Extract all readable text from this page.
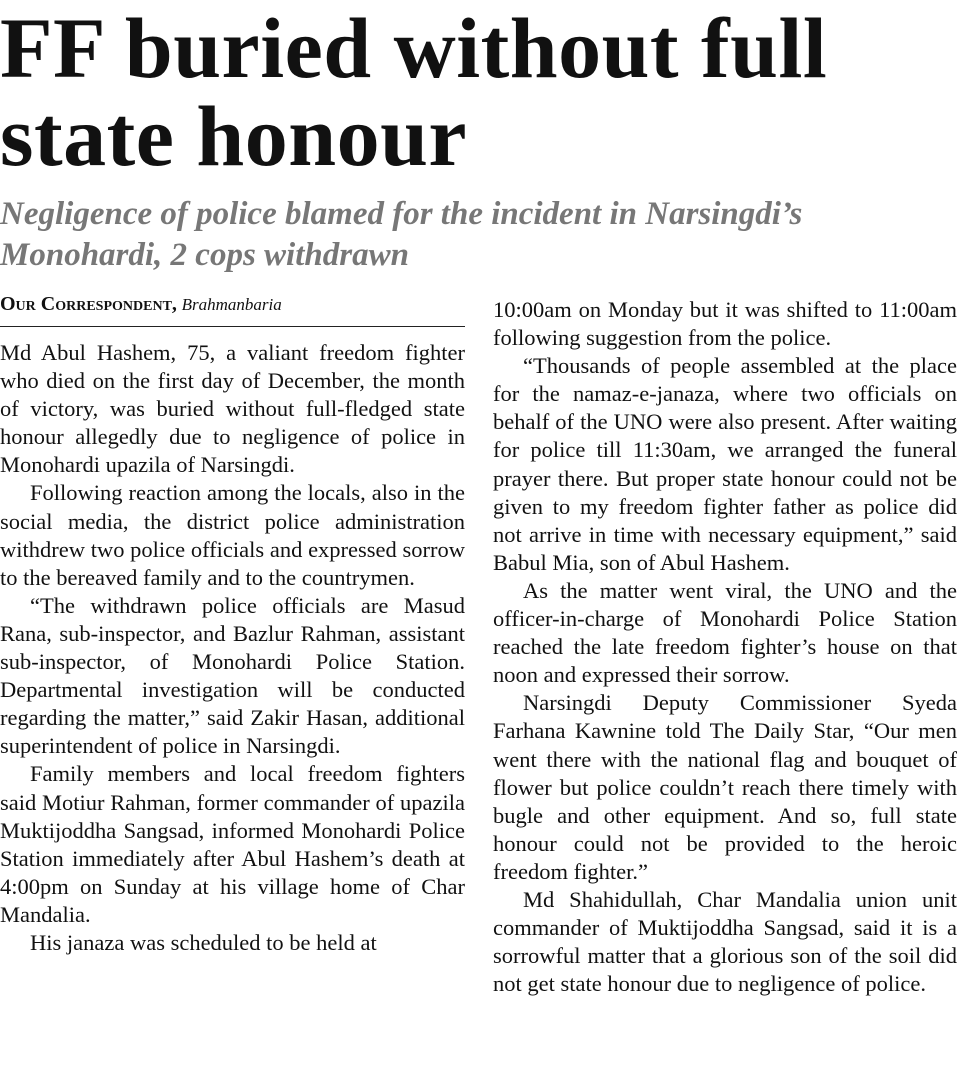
FF buried without full
state honour
Negligence of police blamed for the incident in Narsingdi’s
Monohardi, 2 cops withdrawn
Our Correspondent, Brahmanbaria

Md Abul Hashem, 75, a valiant freedom fighter who died on the first day of December, the month of victory, was buried without full-fledged state honour allegedly due to negligence of police in Monohardi upazila of Narsingdi.

Following reaction among the locals, also in the social media, the district police administration withdrew two police officials and expressed sorrow to the bereaved family and to the countrymen.

“The withdrawn police officials are Masud Rana, sub-inspector, and Bazlur Rahman, assistant sub-inspector, of Monohardi Police Station. Departmental investigation will be conducted regarding the matter,” said Zakir Hasan, additional superintendent of police in Narsingdi.

Family members and local freedom fighters said Motiur Rahman, former commander of upazila Muktijoddha Sangsad, informed Monohardi Police Station immediately after Abul Hashem’s death at 4:00pm on Sunday at his village home of Char Mandalia.

His janaza was scheduled to be held at

10:00am on Monday but it was shifted to 11:00am following suggestion from the police.

“Thousands of people assembled at the place for the namaz-e-janaza, where two officials on behalf of the UNO were also present. After waiting for police till 11:30am, we arranged the funeral prayer there. But proper state honour could not be given to my freedom fighter father as police did not arrive in time with necessary equipment,” said Babul Mia, son of Abul Hashem.

As the matter went viral, the UNO and the officer-in-charge of Monohardi Police Station reached the late freedom fighter’s house on that noon and expressed their sorrow.

Narsingdi Deputy Commissioner Syeda Farhana Kawnine told The Daily Star, “Our men went there with the national flag and bouquet of flower but police couldn’t reach there timely with bugle and other equipment. And so, full state honour could not be provided to the heroic freedom fighter.”

Md Shahidullah, Char Mandalia union unit commander of Muktijoddha Sangsad, said it is a sorrowful matter that a glorious son of the soil did not get state honour due to negligence of police.
